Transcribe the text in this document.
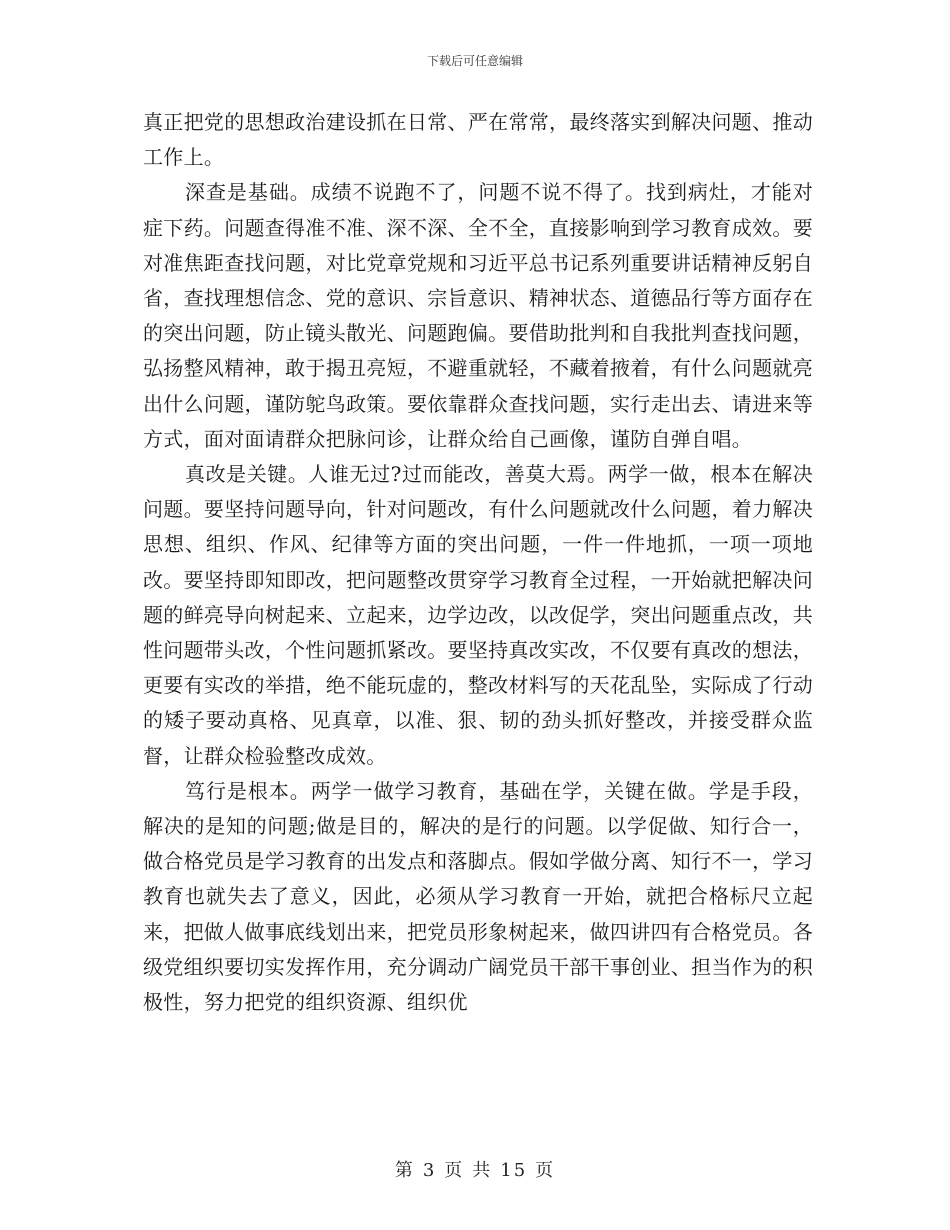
下载后可任意编辑

真正把党的思想政治建设抓在日常、严在常常，最终落实到解决问题、推动工作上。

深查是基础。成绩不说跑不了，问题不说不得了。找到病灶，才能对症下药。问题查得准不准、深不深、全不全，直接影响到学习教育成效。要对准焦距查找问题，对比党章党规和习近平总书记系列重要讲话精神反躬自省，查找理想信念、党的意识、宗旨意识、精神状态、道德品行等方面存在的突出问题，防止镜头散光、问题跑偏。要借助批判和自我批判查找问题，弘扬整风精神，敢于揭丑亮短，不避重就轻，不藏着掖着，有什么问题就亮出什么问题，谨防鸵鸟政策。要依靠群众查找问题，实行走出去、请进来等方式，面对面请群众把脉问诊，让群众给自己画像，谨防自弹自唱。

真改是关键。人谁无过?过而能改，善莫大焉。两学一做，根本在解决问题。要坚持问题导向，针对问题改，有什么问题就改什么问题，着力解决思想、组织、作风、纪律等方面的突出问题，一件一件地抓，一项一项地改。要坚持即知即改，把问题整改贯穿学习教育全过程，一开始就把解决问题的鲜亮导向树起来、立起来，边学边改，以改促学，突出问题重点改，共性问题带头改，个性问题抓紧改。要坚持真改实改，不仅要有真改的想法，更要有实改的举措，绝不能玩虚的，整改材料写的天花乱坠，实际成了行动的矮子要动真格、见真章，以准、狠、韧的劲头抓好整改，并接受群众监督，让群众检验整改成效。

笃行是根本。两学一做学习教育，基础在学，关键在做。学是手段，解决的是知的问题;做是目的，解决的是行的问题。以学促做、知行合一，做合格党员是学习教育的出发点和落脚点。假如学做分离、知行不一，学习教育也就失去了意义，因此，必须从学习教育一开始，就把合格标尺立起来，把做人做事底线划出来，把党员形象树起来，做四讲四有合格党员。各级党组织要切实发挥作用，充分调动广阔党员干部干事创业、担当作为的积极性，努力把党的组织资源、组织优

第 3 页 共 15 页
